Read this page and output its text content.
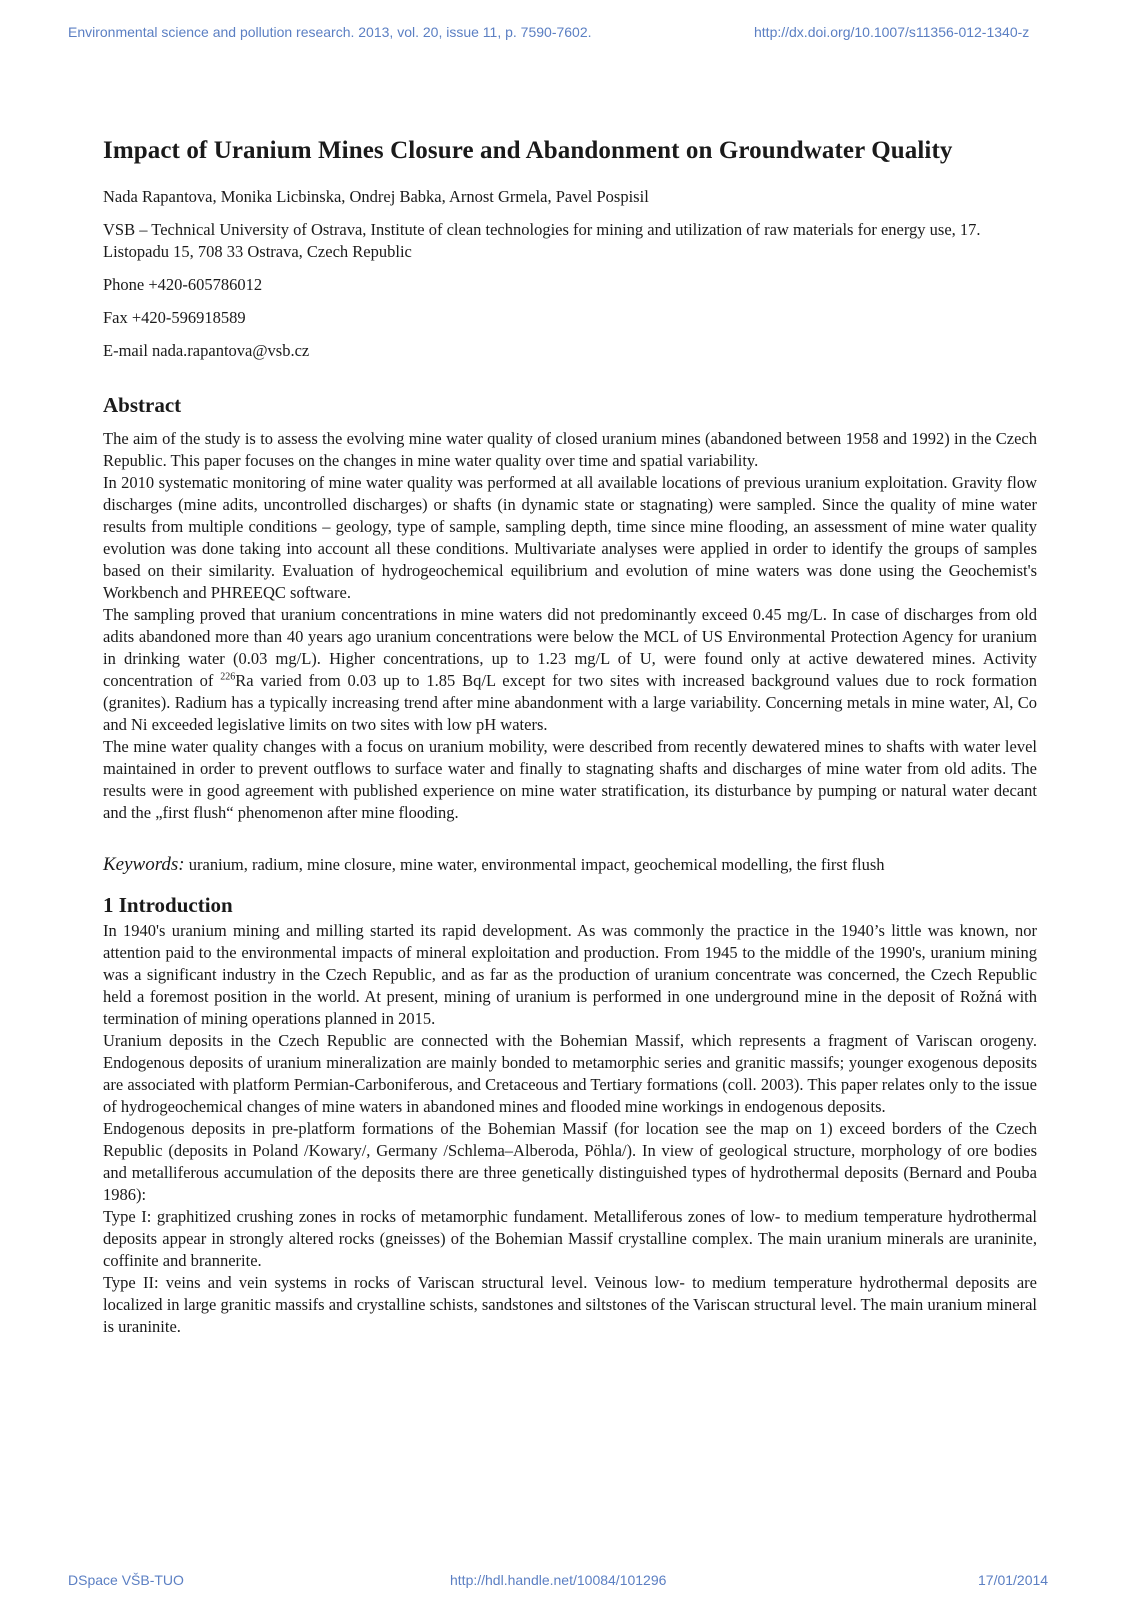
Environmental science and pollution research. 2013, vol. 20, issue 11, p. 7590-7602.	http://dx.doi.org/10.1007/s11356-012-1340-z
Impact of Uranium Mines Closure and Abandonment on Groundwater Quality

Nada Rapantova, Monika Licbinska, Ondrej Babka, Arnost Grmela, Pavel Pospisil

VSB – Technical University of Ostrava, Institute of clean technologies for mining and utilization of raw materials for energy use, 17. Listopadu 15, 708 33 Ostrava, Czech Republic

Phone +420-605786012

Fax +420-596918589

E-mail nada.rapantova@vsb.cz

Abstract

The aim of the study is to assess the evolving mine water quality of closed uranium mines (abandoned between 1958 and 1992) in the Czech Republic. This paper focuses on the changes in mine water quality over time and spatial variability.

In 2010 systematic monitoring of mine water quality was performed at all available locations of previous uranium exploitation. Gravity flow discharges (mine adits, uncontrolled discharges) or shafts (in dynamic state or stagnating) were sampled. Since the quality of mine water results from multiple conditions – geology, type of sample, sampling depth, time since mine flooding, an assessment of mine water quality evolution was done taking into account all these conditions. Multivariate analyses were applied in order to identify the groups of samples based on their similarity. Evaluation of hydrogeochemical equilibrium and evolution of mine waters was done using the Geochemist's Workbench and PHREEQC software.

The sampling proved that uranium concentrations in mine waters did not predominantly exceed 0.45 mg/L. In case of discharges from old adits abandoned more than 40 years ago uranium concentrations were below the MCL of US Environmental Protection Agency for uranium in drinking water (0.03 mg/L). Higher concentrations, up to 1.23 mg/L of U, were found only at active dewatered mines. Activity concentration of $^{226}$Ra varied from 0.03 up to 1.85 Bq/L except for two sites with increased background values due to rock formation (granites). Radium has a typically increasing trend after mine abandonment with a large variability. Concerning metals in mine water, Al, Co and Ni exceeded legislative limits on two sites with low pH waters.

The mine water quality changes with a focus on uranium mobility, were described from recently dewatered mines to shafts with water level maintained in order to prevent outflows to surface water and finally to stagnating shafts and discharges of mine water from old adits. The results were in good agreement with published experience on mine water stratification, its disturbance by pumping or natural water decant and the „first flush“ phenomenon after mine flooding.

Keywords: uranium, radium, mine closure, mine water, environmental impact, geochemical modelling, the first flush
1 Introduction

In 1940's uranium mining and milling started its rapid development. As was commonly the practice in the 1940’s little was known, nor attention paid to the environmental impacts of mineral exploitation and production. From 1945 to the middle of the 1990's, uranium mining was a significant industry in the Czech Republic, and as far as the production of uranium concentrate was concerned, the Czech Republic held a foremost position in the world. At present, mining of uranium is performed in one underground mine in the deposit of Rožná with termination of mining operations planned in 2015.

Uranium deposits in the Czech Republic are connected with the Bohemian Massif, which represents a fragment of Variscan orogeny. Endogenous deposits of uranium mineralization are mainly bonded to metamorphic series and granitic massifs; younger exogenous deposits are associated with platform Permian-Carboniferous, and Cretaceous and Tertiary formations (coll. 2003). This paper relates only to the issue of hydrogeochemical changes of mine waters in abandoned mines and flooded mine workings in endogenous deposits.

Endogenous deposits in pre-platform formations of the Bohemian Massif (for location see the map on 1) exceed borders of the Czech Republic (deposits in Poland /Kowary/, Germany /Schlema–Alberoda, Pöhla/). In view of geological structure, morphology of ore bodies and metalliferous accumulation of the deposits there are three genetically distinguished types of hydrothermal deposits (Bernard and Pouba 1986):

Type I: graphitized crushing zones in rocks of metamorphic fundament. Metalliferous zones of low- to medium temperature hydrothermal deposits appear in strongly altered rocks (gneisses) of the Bohemian Massif crystalline complex. The main uranium minerals are uraninite, coffinite and brannerite.

Type II: veins and vein systems in rocks of Variscan structural level. Veinous low- to medium temperature hydrothermal deposits are localized in large granitic massifs and crystalline schists, sandstones and siltstones of the Variscan structural level. The main uranium mineral is uraninite.

DSpace VŠB-TUO	http://hdl.handle.net/10084/101296	17/01/2014
